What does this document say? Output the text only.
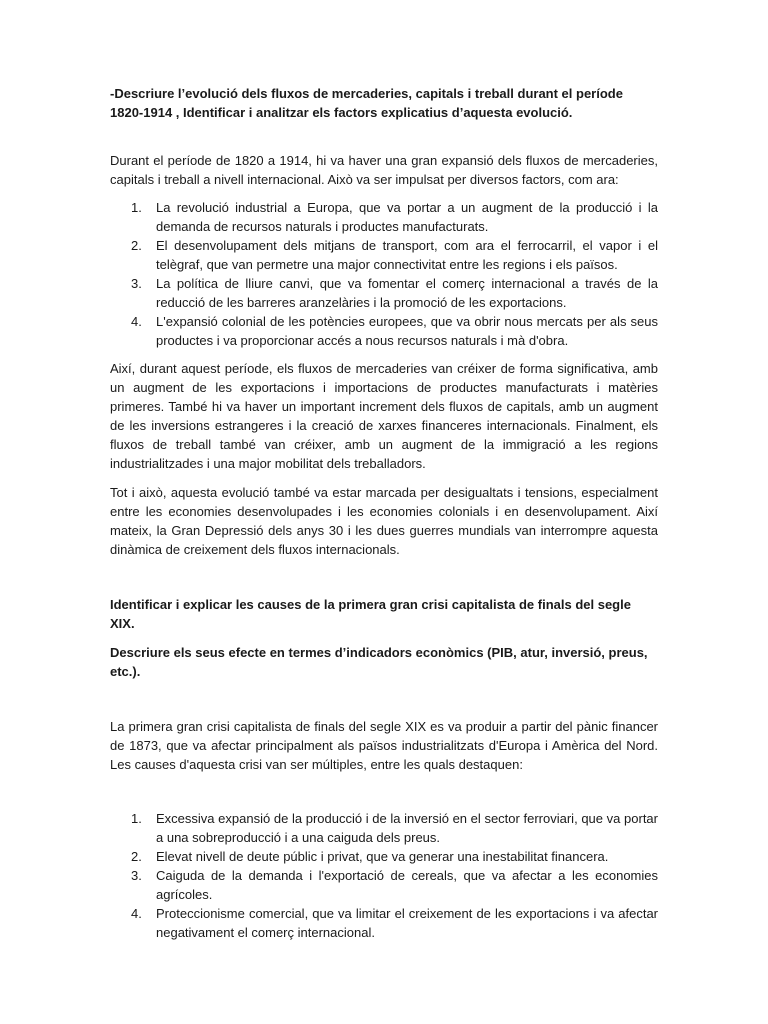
-Descriure l’evolució dels fluxos de mercaderies, capitals i treball durant el període 1820-1914 , Identificar i analitzar els factors explicatius d’aquesta evolució.

Durant el període de 1820 a 1914, hi va haver una gran expansió dels fluxos de mercaderies, capitals i treball a nivell internacional. Això va ser impulsat per diversos factors, com ara:

1. La revolució industrial a Europa, que va portar a un augment de la producció i la demanda de recursos naturals i productes manufacturats.
2. El desenvolupament dels mitjans de transport, com ara el ferrocarril, el vapor i el telègraf, que van permetre una major connectivitat entre les regions i els països.
3. La política de lliure canvi, que va fomentar el comerç internacional a través de la reducció de les barreres aranzelàries i la promoció de les exportacions.
4. L'expansió colonial de les potències europees, que va obrir nous mercats per als seus productes i va proporcionar accés a nous recursos naturals i mà d'obra.

Així, durant aquest període, els fluxos de mercaderies van créixer de forma significativa, amb un augment de les exportacions i importacions de productes manufacturats i matèries primeres. També hi va haver un important increment dels fluxos de capitals, amb un augment de les inversions estrangeres i la creació de xarxes financeres internacionals. Finalment, els fluxos de treball també van créixer, amb un augment de la immigració a les regions industrialitzades i una major mobilitat dels treballadors.

Tot i això, aquesta evolució també va estar marcada per desigualtats i tensions, especialment entre les economies desenvolupades i les economies colonials i en desenvolupament. Així mateix, la Gran Depressió dels anys 30 i les dues guerres mundials van interrompre aquesta dinàmica de creixement dels fluxos internacionals.

Identificar i explicar les causes de la primera gran crisi capitalista de finals del segle XIX.

Descriure els seus efecte en termes d’indicadors econòmics (PIB, atur, inversió, preus, etc.).

La primera gran crisi capitalista de finals del segle XIX es va produir a partir del pànic financer de 1873, que va afectar principalment als països industrialitzats d'Europa i Amèrica del Nord. Les causes d'aquesta crisi van ser múltiples, entre les quals destaquen:

1. Excessiva expansió de la producció i de la inversió en el sector ferroviari, que va portar a una sobreproducció i a una caiguda dels preus.
2. Elevat nivell de deute públic i privat, que va generar una inestabilitat financera.
3. Caiguda de la demanda i l'exportació de cereals, que va afectar a les economies agrícoles.
4. Proteccionisme comercial, que va limitar el creixement de les exportacions i va afectar negativament el comerç internacional.
